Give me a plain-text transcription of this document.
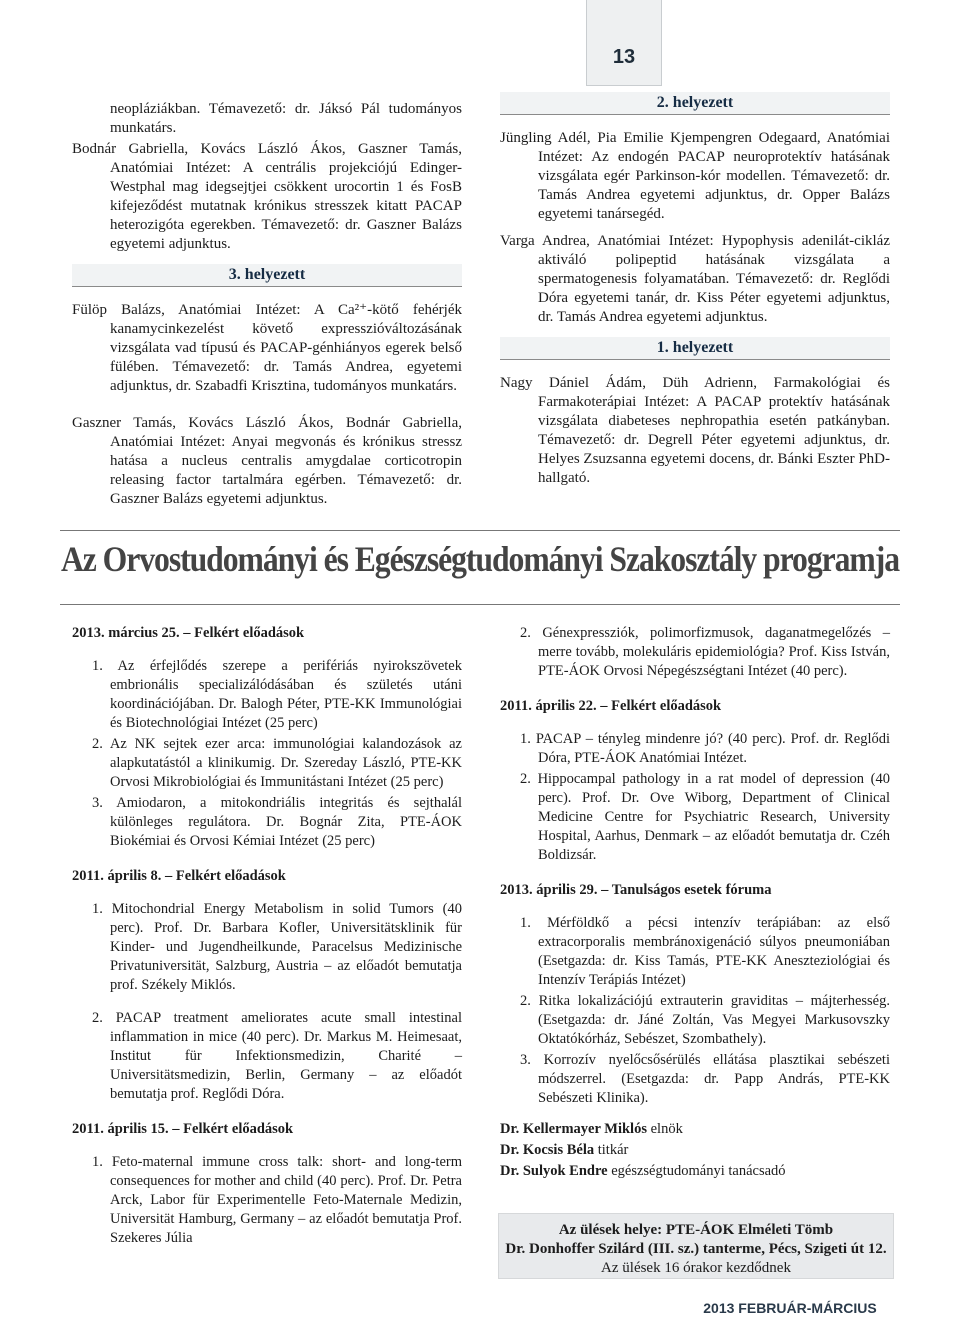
13

neopláziákban. Témavezető: dr. Jáksó Pál tudományos munkatárs.

Bodnár Gabriella, Kovács László Ákos, Gaszner Tamás, Anatómiai Intézet: A centrális projekciójú Edinger-Westphal mag idegsejtjei csökkent urocortin 1 és FosB kifejeződést mutatnak krónikus stresszek kitatt PACAP heterozigóta egerekben. Témavezető: dr. Gaszner Balázs egyetemi adjunktus.

3. helyezett

Fülöp Balázs, Anatómiai Intézet: A Ca²⁺-kötő fehérjék kanamycinkezelést követő expresszióváltozásának vizsgálata vad típusú és PACAP-génhiányos egerek belső fülében. Témavezető: dr. Tamás Andrea, egyetemi adjunktus, dr. Szabadfi Krisztina, tudományos munkatárs.

Gaszner Tamás, Kovács László Ákos, Bodnár Gabriella, Anatómiai Intézet: Anyai megvonás és krónikus stressz hatása a nucleus centralis amygdalae corticotropin releasing factor tartalmára egérben. Témavezető: dr. Gaszner Balázs egyetemi adjunktus.

2. helyezett

Jüngling Adél, Pia Emilie Kjempengren Odegaard, Anatómiai Intézet: Az endogén PACAP neuroprotektív hatásának vizsgálata egér Parkinson-kór modellen. Témavezető: dr. Tamás Andrea egyetemi adjunktus, dr. Opper Balázs egyetemi tanársegéd.

Varga Andrea, Anatómiai Intézet: Hypophysis adenilát-cikláz aktiváló polipeptid hatásának vizsgálata a spermatogenesis folyamatában. Témavezető: dr. Reglődi Dóra egyetemi tanár, dr. Kiss Péter egyetemi adjunktus, dr. Tamás Andrea egyetemi adjunktus.

1. helyezett

Nagy Dániel Ádám, Düh Adrienn, Farmakológiai és Farmakoterápiai Intézet: A PACAP protektív hatásának vizsgálata diabeteses nephropathia esetén patkányban. Témavezető: dr. Degrell Péter egyetemi adjunktus, dr. Helyes Zsuzsanna egyetemi docens, dr. Bánki Eszter PhD-hallgató.

Az Orvostudományi és Egészségtudományi Szakosztály programja

2013. március 25. – Felkért előadások

1. Az érfejlődés szerepe a perifériás nyirokszövetek embrionális specializálódásában és születés utáni koordinációjában. Dr. Balogh Péter, PTE-KK Immunológiai és Biotechnológiai Intézet (25 perc)

2. Az NK sejtek ezer arca: immunológiai kalandozások az alapkutatástól a klinikumig. Dr. Szereday László, PTE-KK Orvosi Mikrobiológiai és Immunitástani Intézet (25 perc)

3. Amiodaron, a mitokondriális integritás és sejthalál különleges regulátora. Dr. Bognár Zita, PTE-ÁOK Biokémiai és Orvosi Kémiai Intézet (25 perc)

2011. április 8. – Felkért előadások

1. Mitochondrial Energy Metabolism in solid Tumors (40 perc). Prof. Dr. Barbara Kofler, Universitätsklinik für Kinder- und Jugendheilkunde, Paracelsus Medizinische Privatuniversität, Salzburg, Austria – az előadót bemutatja prof. Székely Miklós.

2. PACAP treatment ameliorates acute small intestinal inflammation in mice (40 perc). Dr. Markus M. Heimesaat, Institut für Infektionsmedizin, Charité – Universitätsmedizin, Berlin, Germany – az előadót bemutatja prof. Reglődi Dóra.

2011. április 15. – Felkért előadások

1. Feto-maternal immune cross talk: short- and long-term consequences for mother and child (40 perc). Prof. Dr. Petra Arck, Labor für Experimentelle Feto-Maternale Medizin, Universität Hamburg, Germany – az előadót bemutatja Prof. Szekeres Júlia

2. Génexpressziók, polimorfizmusok, daganatmegelőzés – merre tovább, molekuláris epidemiológia? Prof. Kiss István, PTE-ÁOK Orvosi Népegészségtani Intézet (40 perc).

2011. április 22. – Felkért előadások

1. PACAP – tényleg mindenre jó? (40 perc). Prof. dr. Reglődi Dóra, PTE-ÁOK Anatómiai Intézet.

2. Hippocampal pathology in a rat model of depression (40 perc). Prof. Dr. Ove Wiborg, Department of Clinical Medicine Centre for Psychiatric Research, University Hospital, Aarhus, Denmark – az előadót bemutatja dr. Czéh Boldizsár.

2013. április 29. – Tanulságos esetek fóruma

1. Mérföldkő a pécsi intenzív terápiában: az első extracorporalis membránoxigenáció súlyos pneumoniában (Esetgazda: dr. Kiss Tamás, PTE-KK Aneszteziológiai és Intenzív Terápiás Intézet)

2. Ritka lokalizációjú extrauterin graviditas – májterhesség. (Esetgazda: dr. Jáné Zoltán, Vas Megyei Markusovszky Oktatókórház, Sebészet, Szombathely).

3. Korrozív nyelőcsősérülés ellátása plasztikai sebészeti módszerrel. (Esetgazda: dr. Papp András, PTE-KK Sebészeti Klinika).

Dr. Kellermayer Miklós elnök

Dr. Kocsis Béla titkár

Dr. Sulyok Endre egészségtudományi tanácsadó

Az ülések helye: PTE-ÁOK Elméleti Tömb
Dr. Donhoffer Szilárd (III. sz.) tanterme, Pécs, Szigeti út 12.
Az ülések 16 órakor kezdődnek
2013 FEBRUÁR-MÁRCIUS
